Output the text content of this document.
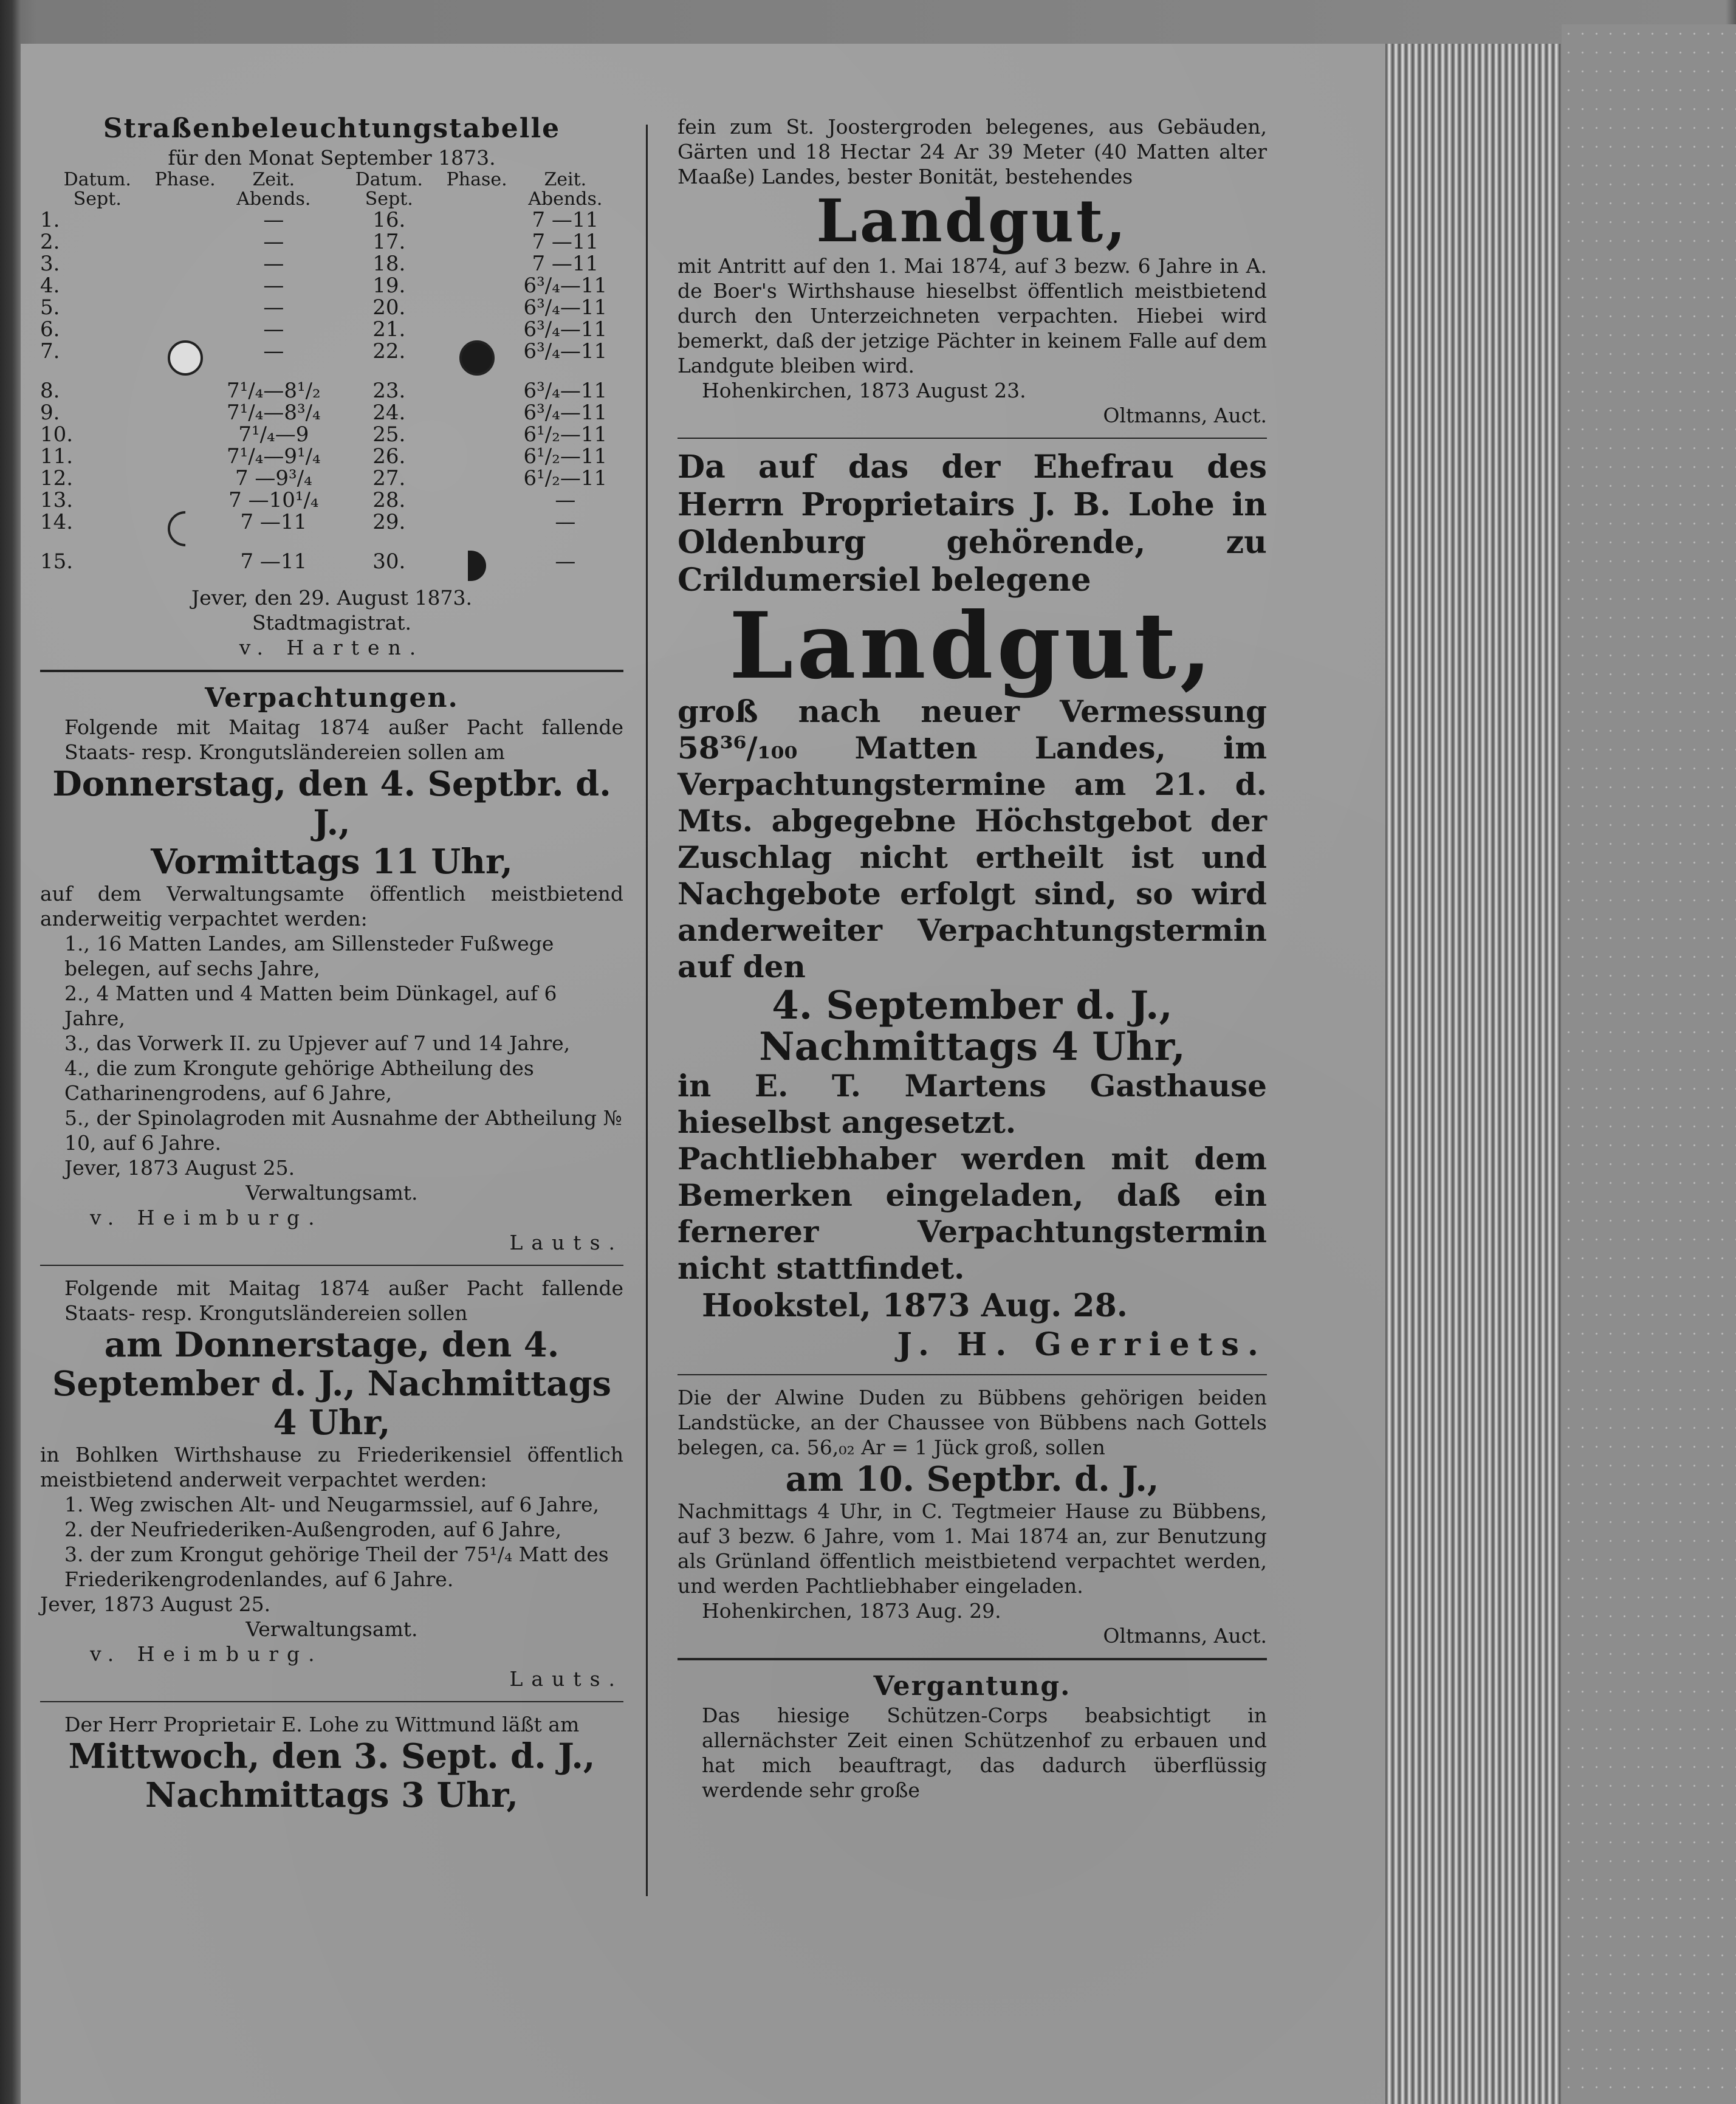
Straßenbeleuchtungstabelle

für den Monat September 1873.

Datum. Sept.	Phase.	Zeit. Abends.	Datum. Sept.	Phase.	Zeit. Abends.
1.		—	16.		7 —11
2.		—	17.		7 —11
3.		—	18.		7 —11
4.		—	19.		6³/₄—11
5.		—	20.		6³/₄—11
6.		—	21.		6³/₄—11
7.		—	22.		6³/₄—11
8.		7¹/₄—8¹/₂	23.		6³/₄—11
9.		7¹/₄—8³/₄	24.		6³/₄—11
10.		7¹/₄—9	25.		6¹/₂—11
11.		7¹/₄—9¹/₄	26.		6¹/₂—11
12.		7 —9³/₄	27.		6¹/₂—11
13.		7 —10¹/₄	28.		—
14.		7 —11	29.		—
15.		7 —11	30.		—

Jever, den 29. August 1873.

Stadtmagistrat.

v. Harten.

Verpachtungen.

Folgende mit Maitag 1874 außer Pacht fallende Staats- resp. Krongutsländereien sollen am

Donnerstag, den 4. Septbr. d. J.,

Vormittags 11 Uhr,

auf dem Verwaltungsamte öffentlich meistbietend anderweitig verpachtet werden:

1., 16 Matten Landes, am Sillensteder Fußwege belegen, auf sechs Jahre,

2., 4 Matten und 4 Matten beim Dünkagel, auf 6 Jahre,

3., das Vorwerk II. zu Upjever auf 7 und 14 Jahre,

4., die zum Krongute gehörige Abtheilung des Catharinengrodens, auf 6 Jahre,

5., der Spinolagroden mit Ausnahme der Abtheilung № 10, auf 6 Jahre.

Jever, 1873 August 25.

Verwaltungsamt.

v. Heimburg.

Lauts.

Folgende mit Maitag 1874 außer Pacht fallende Staats- resp. Krongutsländereien sollen

am Donnerstage, den 4. September d. J., Nachmittags 4 Uhr,

in Bohlken Wirthshause zu Friederikensiel öffentlich meistbietend anderweit verpachtet werden:

1. Weg zwischen Alt- und Neugarmssiel, auf 6 Jahre,

2. der Neufriederiken-Außengroden, auf 6 Jahre,

3. der zum Krongut gehörige Theil der 75¹/₄ Matt des Friederikengrodenlandes, auf 6 Jahre.

Jever, 1873 August 25.

Verwaltungsamt.

v. Heimburg.

Lauts.

Der Herr Proprietair E. Lohe zu Wittmund läßt am

Mittwoch, den 3. Sept. d. J.,

Nachmittags 3 Uhr,

fein zum St. Joostergroden belegenes, aus Gebäuden, Gärten und 18 Hectar 24 Ar 39 Meter (40 Matten alter Maaße) Landes, bester Bonität, bestehendes

Landgut,

mit Antritt auf den 1. Mai 1874, auf 3 bezw. 6 Jahre in A. de Boer's Wirthshause hieselbst öffentlich meistbietend durch den Unterzeichneten verpachten. Hiebei wird bemerkt, daß der jetzige Pächter in keinem Falle auf dem Landgute bleiben wird.

Hohenkirchen, 1873 August 23.

Oltmanns, Auct.

Da auf das der Ehefrau des Herrn Proprietairs J. B. Lohe in Oldenburg gehörende, zu Crildumersiel belegene

Landgut,

groß nach neuer Vermessung 58³⁶/₁₀₀ Matten Landes, im Verpachtungstermine am 21. d. Mts. abgegebne Höchstgebot der Zuschlag nicht ertheilt ist und Nachgebote erfolgt sind, so wird anderweiter Verpachtungstermin auf den

4. September d. J.,

Nachmittags 4 Uhr,

in E. T. Martens Gasthause hieselbst angesetzt.

Pachtliebhaber werden mit dem Bemerken eingeladen, daß ein fernerer Verpachtungstermin nicht stattfindet.

Hookstel, 1873 Aug. 28.

J. H. Gerriets.

Die der Alwine Duden zu Bübbens gehörigen beiden Landstücke, an der Chaussee von Bübbens nach Gottels belegen, ca. 56,₀₂ Ar = 1 Jück groß, sollen

am 10. Septbr. d. J.,

Nachmittags 4 Uhr, in C. Tegtmeier Hause zu Bübbens, auf 3 bezw. 6 Jahre, vom 1. Mai 1874 an, zur Benutzung als Grünland öffentlich meistbietend verpachtet werden, und werden Pachtliebhaber eingeladen.

Hohenkirchen, 1873 Aug. 29.

Oltmanns, Auct.

Vergantung.

Das hiesige Schützen-Corps beabsichtigt in allernächster Zeit einen Schützenhof zu erbauen und hat mich beauftragt, das dadurch überflüssig werdende sehr große
